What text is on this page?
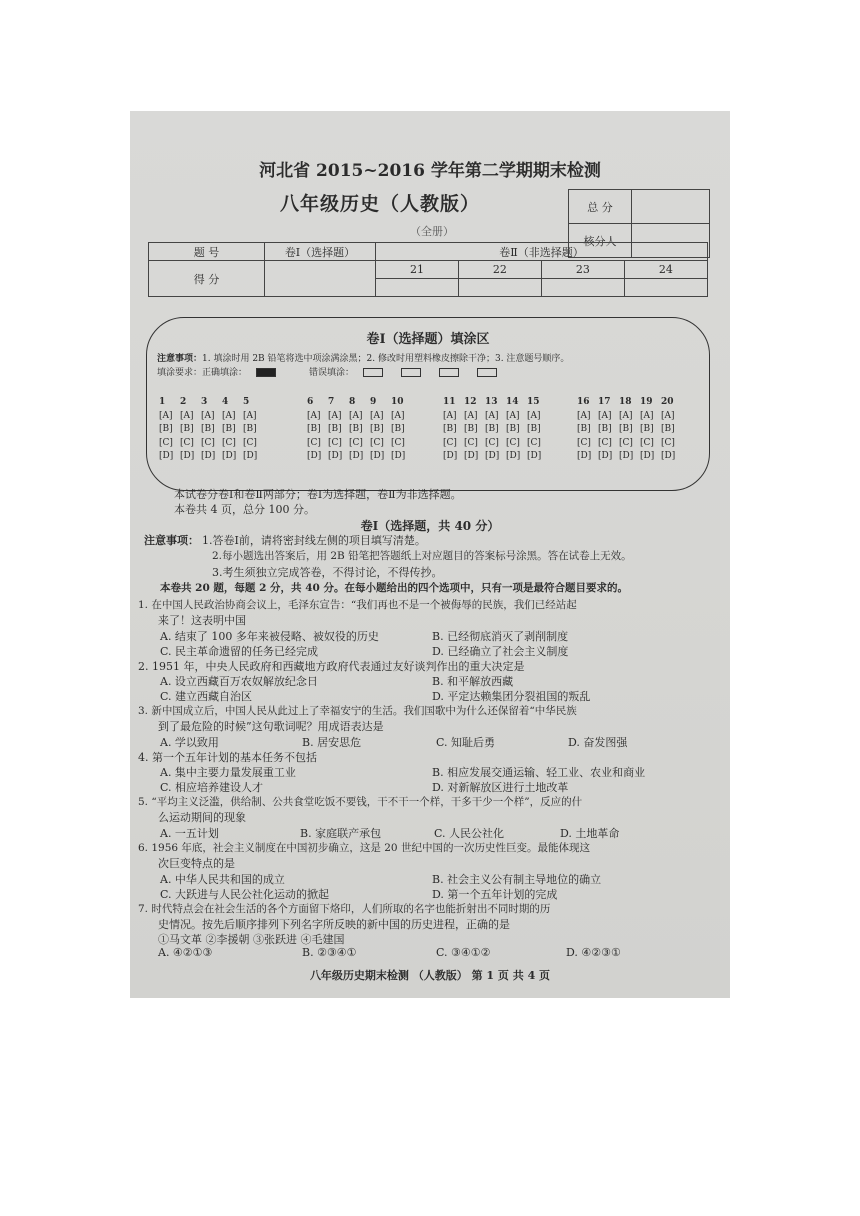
河北省 2015~2016 学年第二学期期末检测
八年级历史（人教版）
（全册）
总 分	
核分人	
题 号	卷Ⅰ（选择题）	卷Ⅱ（非选择题）			
得 分		21	22	23	24

卷Ⅰ（选择题）填涂区
注意事项：1. 填涂时用 2B 铅笔将选中项涂满涂黑；2. 修改时用塑料橡皮擦除干净；3. 注意题号顺序。
填涂要求：正确填涂：	错误填涂：
1 2 3 4 5
[A] [A] [A] [A] [A]
[B] [B] [B] [B] [B]
[C] [C] [C] [C] [C]
[D] [D] [D] [D] [D]
6 7 8 9 10
[A] [A] [A] [A] [A]
[B] [B] [B] [B] [B]
[C] [C] [C] [C] [C]
[D] [D] [D] [D] [D]
11 12 13 14 15
[A] [A] [A] [A] [A]
[B] [B] [B] [B] [B]
[C] [C] [C] [C] [C]
[D] [D] [D] [D] [D]
16 17 18 19 20
[A] [A] [A] [A] [A]
[B] [B] [B] [B] [B]
[C] [C] [C] [C] [C]
[D] [D] [D] [D] [D]
本试卷分卷Ⅰ和卷Ⅱ两部分；卷Ⅰ为选择题，卷Ⅱ为非选择题。
本卷共 4 页，总分 100 分。
卷Ⅰ（选择题，共 40 分）
注意事项： 1.答卷Ⅰ前，请将密封线左侧的项目填写清楚。
2.每小题选出答案后，用 2B 铅笔把答题纸上对应题目的答案标号涂黑。答在试卷上无效。
3.考生须独立完成答卷，不得讨论，不得传抄。
本卷共 20 题，每题 2 分，共 40 分。在每小题给出的四个选项中，只有一项是最符合题目要求的。
1. 在中国人民政治协商会议上，毛泽东宣告：“我们再也不是一个被侮辱的民族，我们已经站起
来了！这表明中国
A. 结束了 100 多年来被侵略、被奴役的历史	B. 已经彻底消灭了剥削制度
C. 民主革命遗留的任务已经完成	D. 已经确立了社会主义制度
2. 1951 年，中央人民政府和西藏地方政府代表通过友好谈判作出的重大决定是
A. 设立西藏百万农奴解放纪念日	B. 和平解放西藏
C. 建立西藏自治区	D. 平定达赖集团分裂祖国的叛乱
3. 新中国成立后，中国人民从此过上了幸福安宁的生活。我们国歌中为什么还保留着“中华民族
到了最危险的时候”这句歌词呢？用成语表达是
A. 学以致用	B. 居安思危	C. 知耻后勇	D. 奋发图强
4. 第一个五年计划的基本任务不包括
A. 集中主要力量发展重工业	B. 相应发展交通运输、轻工业、农业和商业
C. 相应培养建设人才	D. 对新解放区进行土地改革
5. “平均主义泛滥，供给制、公共食堂吃饭不要钱，干不干一个样，干多干少一个样”，反应的什
么运动期间的现象
A. 一五计划	B. 家庭联产承包	C. 人民公社化	D. 土地革命
6. 1956 年底，社会主义制度在中国初步确立，这是 20 世纪中国的一次历史性巨变。最能体现这
次巨变特点的是
A. 中华人民共和国的成立	B. 社会主义公有制主导地位的确立
C. 大跃进与人民公社化运动的掀起	D. 第一个五年计划的完成
7. 时代特点会在社会生活的各个方面留下烙印，人们所取的名字也能折射出不同时期的历
史情况。按先后顺序排列下列名字所反映的新中国的历史进程，正确的是
①马文革 ②李援朝 ③张跃进 ④毛建国
A. ④②①③	B. ②③④①	C. ③④①②	D. ④②③①
八年级历史期末检测 （人教版） 第 1 页 共 4 页
